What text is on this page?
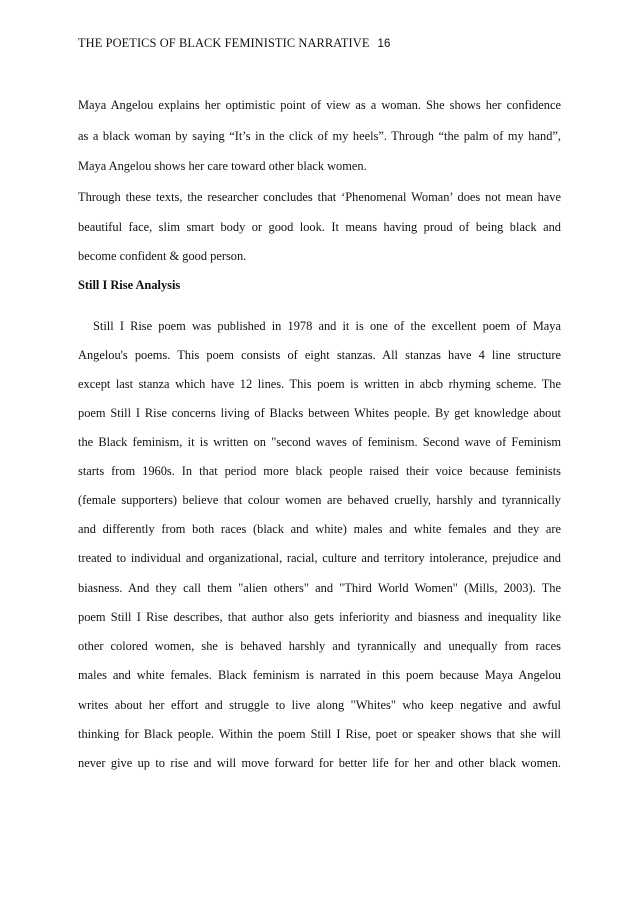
THE POETICS OF BLACK FEMINISTIC NARRATIVE 16
Maya Angelou explains her optimistic point of view as a woman. She shows her confidence
as a black woman by saying “It’s in the click of my heels”. Through “the palm of my hand”,
Maya Angelou shows her care toward other black women.
Through these texts, the researcher concludes that ‘Phenomenal Woman’ does not mean have
beautiful face, slim smart body or good look. It means having proud of being black and
become confident & good person.
Still I Rise Analysis
Still I Rise poem was published in 1978 and it is one of the excellent poem of Maya
Angelou's poems. This poem consists of eight stanzas. All stanzas have 4 line structure
except last stanza which have 12 lines. This poem is written in abcb rhyming scheme. The
poem Still I Rise concerns living of Blacks between Whites people. By get knowledge about
the Black feminism, it is written on "second waves of feminism. Second wave of Feminism
starts from 1960s. In that period more black people raised their voice because feminists
(female supporters) believe that colour women are behaved cruelly, harshly and tyrannically
and differently from both races (black and white) males and white females and they are
treated to individual and organizational, racial, culture and territory intolerance, prejudice and
biasness. And they call them "alien others" and "Third World Women" (Mills, 2003). The
poem Still I Rise describes, that author also gets inferiority and biasness and inequality like
other colored women, she is behaved harshly and tyrannically and unequally from races
males and white females. Black feminism is narrated in this poem because Maya Angelou
writes about her effort and struggle to live along "Whites" who keep negative and awful
thinking for Black people. Within the poem Still I Rise, poet or speaker shows that she will
never give up to rise and will move forward for better life for her and other black women.
